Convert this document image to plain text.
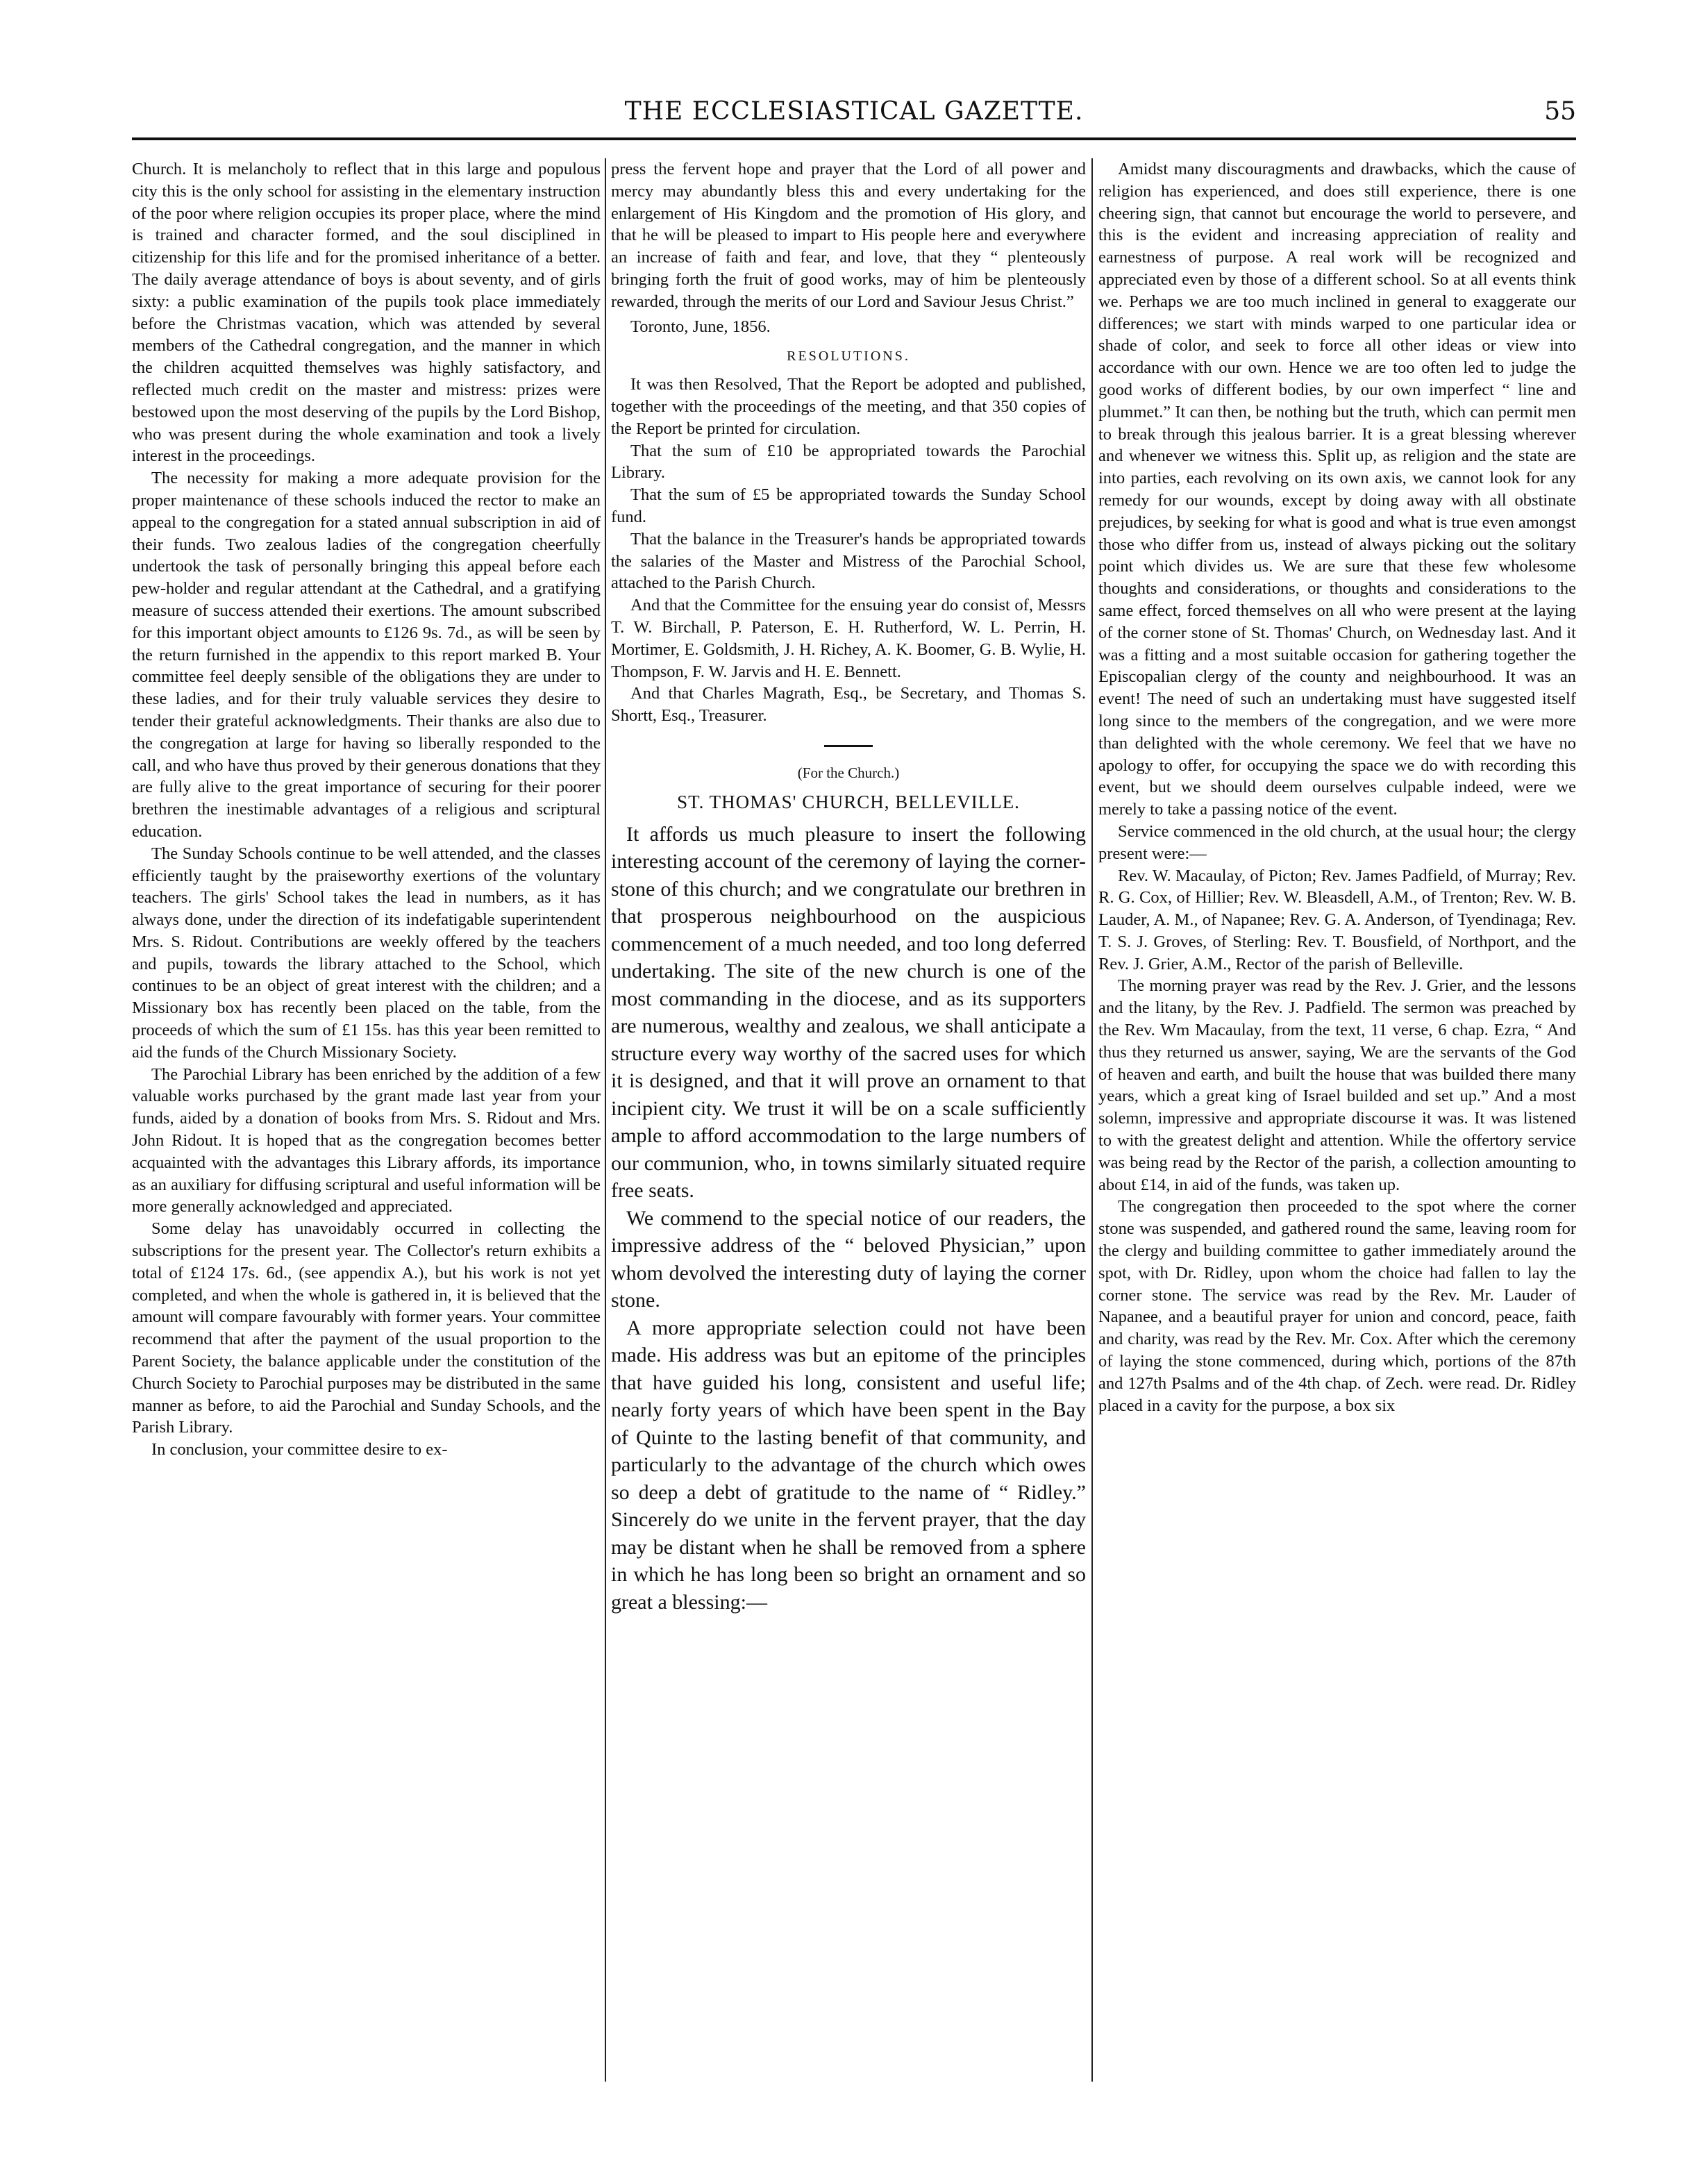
THE ECCLESIASTICAL GAZETTE.	55

Church. It is melancholy to reflect that in this large and populous city this is the only school for assisting in the elementary instruction of the poor where religion occupies its proper place, where the mind is trained and character formed, and the soul disciplined in citizenship for this life and for the promised inheritance of a better. The daily average attendance of boys is about seventy, and of girls sixty: a public examination of the pupils took place immediately before the Christmas vacation, which was attended by several members of the Cathedral congregation, and the manner in which the children acquitted themselves was highly satisfactory, and reflected much credit on the master and mistress: prizes were bestowed upon the most deserving of the pupils by the Lord Bishop, who was present during the whole examination and took a lively interest in the proceedings.

The necessity for making a more adequate provision for the proper maintenance of these schools induced the rector to make an appeal to the congregation for a stated annual subscription in aid of their funds. Two zealous ladies of the congregation cheerfully undertook the task of personally bringing this appeal before each pew-holder and regular attendant at the Cathedral, and a gratifying measure of success attended their exertions. The amount subscribed for this important object amounts to £126 9s. 7d., as will be seen by the return furnished in the appendix to this report marked B. Your committee feel deeply sensible of the obligations they are under to these ladies, and for their truly valuable services they desire to tender their grateful acknowledgments. Their thanks are also due to the congregation at large for having so liberally responded to the call, and who have thus proved by their generous donations that they are fully alive to the great importance of securing for their poorer brethren the inestimable advantages of a religious and scriptural education.

The Sunday Schools continue to be well attended, and the classes efficiently taught by the praiseworthy exertions of the voluntary teachers. The girls' School takes the lead in numbers, as it has always done, under the direction of its indefatigable superintendent Mrs. S. Ridout. Contributions are weekly offered by the teachers and pupils, towards the library attached to the School, which continues to be an object of great interest with the children; and a Missionary box has recently been placed on the table, from the proceeds of which the sum of £1 15s. has this year been remitted to aid the funds of the Church Missionary Society.

The Parochial Library has been enriched by the addition of a few valuable works purchased by the grant made last year from your funds, aided by a donation of books from Mrs. S. Ridout and Mrs. John Ridout. It is hoped that as the congregation becomes better acquainted with the advantages this Library affords, its importance as an auxiliary for diffusing scriptural and useful information will be more generally acknowledged and appreciated.

Some delay has unavoidably occurred in collecting the subscriptions for the present year. The Collector's return exhibits a total of £124 17s. 6d., (see appendix A.), but his work is not yet completed, and when the whole is gathered in, it is believed that the amount will compare favourably with former years. Your committee recommend that after the payment of the usual proportion to the Parent Society, the balance applicable under the constitution of the Church Society to Parochial purposes may be distributed in the same manner as before, to aid the Parochial and Sunday Schools, and the Parish Library.

In conclusion, your committee desire to ex-

press the fervent hope and prayer that the Lord of all power and mercy may abundantly bless this and every undertaking for the enlargement of His Kingdom and the promotion of His glory, and that he will be pleased to impart to His people here and everywhere an increase of faith and fear, and love, that they “ plenteously bringing forth the fruit of good works, may of him be plenteously rewarded, through the merits of our Lord and Saviour Jesus Christ.”

Toronto, June, 1856.

RESOLUTIONS.

It was then Resolved, That the Report be adopted and published, together with the proceedings of the meeting, and that 350 copies of the Report be printed for circulation.

That the sum of £10 be appropriated towards the Parochial Library.

That the sum of £5 be appropriated towards the Sunday School fund.

That the balance in the Treasurer's hands be appropriated towards the salaries of the Master and Mistress of the Parochial School, attached to the Parish Church.

And that the Committee for the ensuing year do consist of, Messrs T. W. Birchall, P. Paterson, E. H. Rutherford, W. L. Perrin, H. Mortimer, E. Goldsmith, J. H. Richey, A. K. Boomer, G. B. Wylie, H. Thompson, F. W. Jarvis and H. E. Bennett.

And that Charles Magrath, Esq., be Secretary, and Thomas S. Shortt, Esq., Treasurer.

(For the Church.)

ST. THOMAS' CHURCH, BELLEVILLE.

It affords us much pleasure to insert the following interesting account of the ceremony of laying the corner-stone of this church; and we congratulate our brethren in that prosperous neighbourhood on the auspicious commencement of a much needed, and too long deferred undertaking. The site of the new church is one of the most commanding in the diocese, and as its supporters are numerous, wealthy and zealous, we shall anticipate a structure every way worthy of the sacred uses for which it is designed, and that it will prove an ornament to that incipient city. We trust it will be on a scale sufficiently ample to afford accommodation to the large numbers of our communion, who, in towns similarly situated require free seats.

We commend to the special notice of our readers, the impressive address of the “ beloved Physician,” upon whom devolved the interesting duty of laying the corner stone.

A more appropriate selection could not have been made. His address was but an epitome of the principles that have guided his long, consistent and useful life; nearly forty years of which have been spent in the Bay of Quinte to the lasting benefit of that community, and particularly to the advantage of the church which owes so deep a debt of gratitude to the name of “ Ridley.” Sincerely do we unite in the fervent prayer, that the day may be distant when he shall be removed from a sphere in which he has long been so bright an ornament and so great a blessing:—

Amidst many discouragments and drawbacks, which the cause of religion has experienced, and does still experience, there is one cheering sign, that cannot but encourage the world to persevere, and this is the evident and increasing appreciation of reality and earnestness of purpose. A real work will be recognized and appreciated even by those of a different school. So at all events think we. Perhaps we are too much inclined in general to exaggerate our differences; we start with minds warped to one particular idea or shade of color, and seek to force all other ideas or view into accordance with our own. Hence we are too often led to judge the good works of different bodies, by our own imperfect “ line and plummet.” It can then, be nothing but the truth, which can permit men to break through this jealous barrier. It is a great blessing wherever and whenever we witness this. Split up, as religion and the state are into parties, each revolving on its own axis, we cannot look for any remedy for our wounds, except by doing away with all obstinate prejudices, by seeking for what is good and what is true even amongst those who differ from us, instead of always picking out the solitary point which divides us. We are sure that these few wholesome thoughts and considerations, or thoughts and considerations to the same effect, forced themselves on all who were present at the laying of the corner stone of St. Thomas' Church, on Wednesday last. And it was a fitting and a most suitable occasion for gathering together the Episcopalian clergy of the county and neighbourhood. It was an event! The need of such an undertaking must have suggested itself long since to the members of the congregation, and we were more than delighted with the whole ceremony. We feel that we have no apology to offer, for occupying the space we do with recording this event, but we should deem ourselves culpable indeed, were we merely to take a passing notice of the event.

Service commenced in the old church, at the usual hour; the clergy present were:—

Rev. W. Macaulay, of Picton; Rev. James Padfield, of Murray; Rev. R. G. Cox, of Hillier; Rev. W. Bleasdell, A.M., of Trenton; Rev. W. B. Lauder, A. M., of Napanee; Rev. G. A. Anderson, of Tyendinaga; Rev. T. S. J. Groves, of Sterling: Rev. T. Bousfield, of Northport, and the Rev. J. Grier, A.M., Rector of the parish of Belleville.

The morning prayer was read by the Rev. J. Grier, and the lessons and the litany, by the Rev. J. Padfield. The sermon was preached by the Rev. Wm Macaulay, from the text, 11 verse, 6 chap. Ezra, “ And thus they returned us answer, saying, We are the servants of the God of heaven and earth, and built the house that was builded there many years, which a great king of Israel builded and set up.” And a most solemn, impressive and appropriate discourse it was. It was listened to with the greatest delight and attention. While the offertory service was being read by the Rector of the parish, a collection amounting to about £14, in aid of the funds, was taken up.

The congregation then proceeded to the spot where the corner stone was suspended, and gathered round the same, leaving room for the clergy and building committee to gather immediately around the spot, with Dr. Ridley, upon whom the choice had fallen to lay the corner stone. The service was read by the Rev. Mr. Lauder of Napanee, and a beautiful prayer for union and concord, peace, faith and charity, was read by the Rev. Mr. Cox. After which the ceremony of laying the stone commenced, during which, portions of the 87th and 127th Psalms and of the 4th chap. of Zech. were read. Dr. Ridley placed in a cavity for the purpose, a box six
